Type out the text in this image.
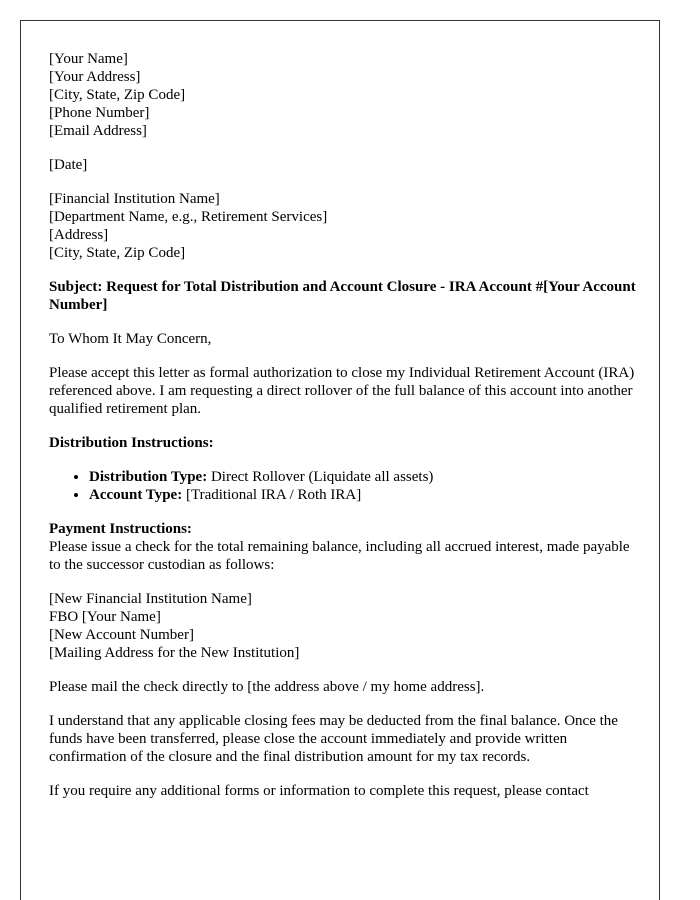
[Your Name]
[Your Address]
[City, State, Zip Code]
[Phone Number]
[Email Address]
[Date]
[Financial Institution Name]
[Department Name, e.g., Retirement Services]
[Address]
[City, State, Zip Code]
Subject: Request for Total Distribution and Account Closure - IRA Account #[Your Account Number]

To Whom It May Concern,

Please accept this letter as formal authorization to close my Individual Retirement Account (IRA) referenced above. I am requesting a direct rollover of the full balance of this account into another qualified retirement plan.

Distribution Instructions:
• Distribution Type: Direct Rollover (Liquidate all assets)
• Account Type: [Traditional IRA / Roth IRA]
Payment Instructions:
Please issue a check for the total remaining balance, including all accrued interest, made payable to the successor custodian as follows:
[New Financial Institution Name]
FBO [Your Name]
[New Account Number]
[Mailing Address for the New Institution]

Please mail the check directly to [the address above / my home address].

I understand that any applicable closing fees may be deducted from the final balance. Once the funds have been transferred, please close the account immediately and provide written confirmation of the closure and the final distribution amount for my tax records.

If you require any additional forms or information to complete this request, please contact
